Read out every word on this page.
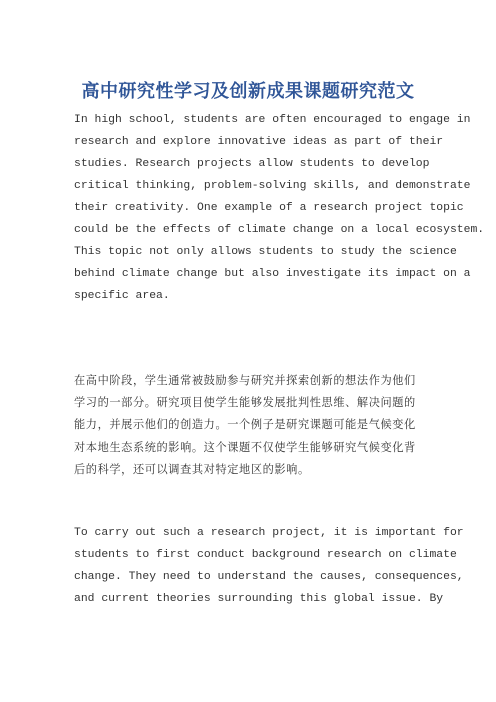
高中研究性学习及创新成果课题研究范文
In high school, students are often encouraged to engage in
research and explore innovative ideas as part of their
studies. Research projects allow students to develop
critical thinking, problem-solving skills, and demonstrate
their creativity. One example of a research project topic
could be the effects of climate change on a local ecosystem.
This topic not only allows students to study the science
behind climate change but also investigate its impact on a
specific area.
在高中阶段，学生通常被鼓励参与研究并探索创新的想法作为他们
学习的一部分。研究项目使学生能够发展批判性思维、解决问题的
能力，并展示他们的创造力。一个例子是研究课题可能是气候变化
对本地生态系统的影响。这个课题不仅使学生能够研究气候变化背
后的科学，还可以调查其对特定地区的影响。
To carry out such a research project, it is important for
students to first conduct background research on climate
change. They need to understand the causes, consequences,
and current theories surrounding this global issue. By
